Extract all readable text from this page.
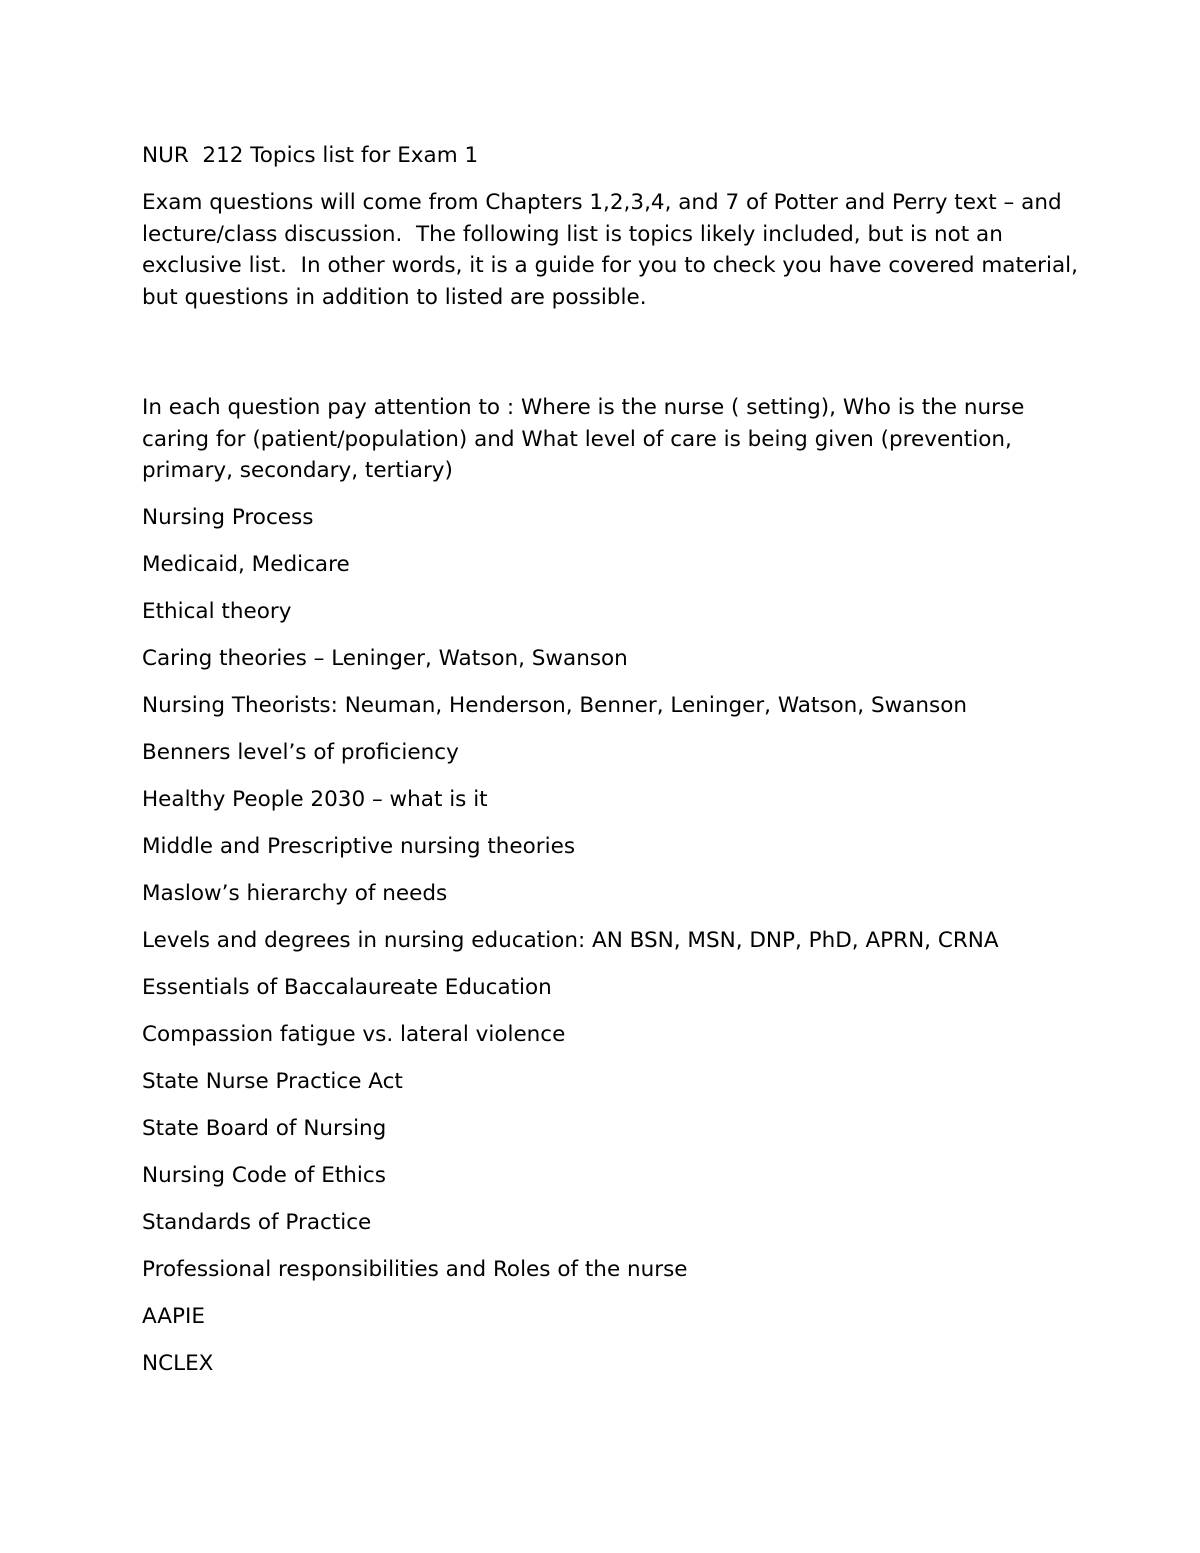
NUR  212 Topics list for Exam 1

Exam questions will come from Chapters 1,2,3,4, and 7 of Potter and Perry text – and lecture/class discussion.  The following list is topics likely included, but is not an exclusive list.  In other words, it is a guide for you to check you have covered material, but questions in addition to listed are possible.

In each question pay attention to : Where is the nurse ( setting), Who is the nurse caring for (patient/population) and What level of care is being given (prevention, primary, secondary, tertiary)

Nursing Process
Medicaid, Medicare
Ethical theory
Caring theories – Leninger, Watson, Swanson
Nursing Theorists: Neuman, Henderson, Benner, Leninger, Watson, Swanson
Benners level’s of proficiency
Healthy People 2030 – what is it
Middle and Prescriptive nursing theories
Maslow’s hierarchy of needs
Levels and degrees in nursing education: AN BSN, MSN, DNP, PhD, APRN, CRNA
Essentials of Baccalaureate Education
Compassion fatigue vs. lateral violence
State Nurse Practice Act
State Board of Nursing
Nursing Code of Ethics
Standards of Practice
Professional responsibilities and Roles of the nurse
AAPIE
NCLEX
